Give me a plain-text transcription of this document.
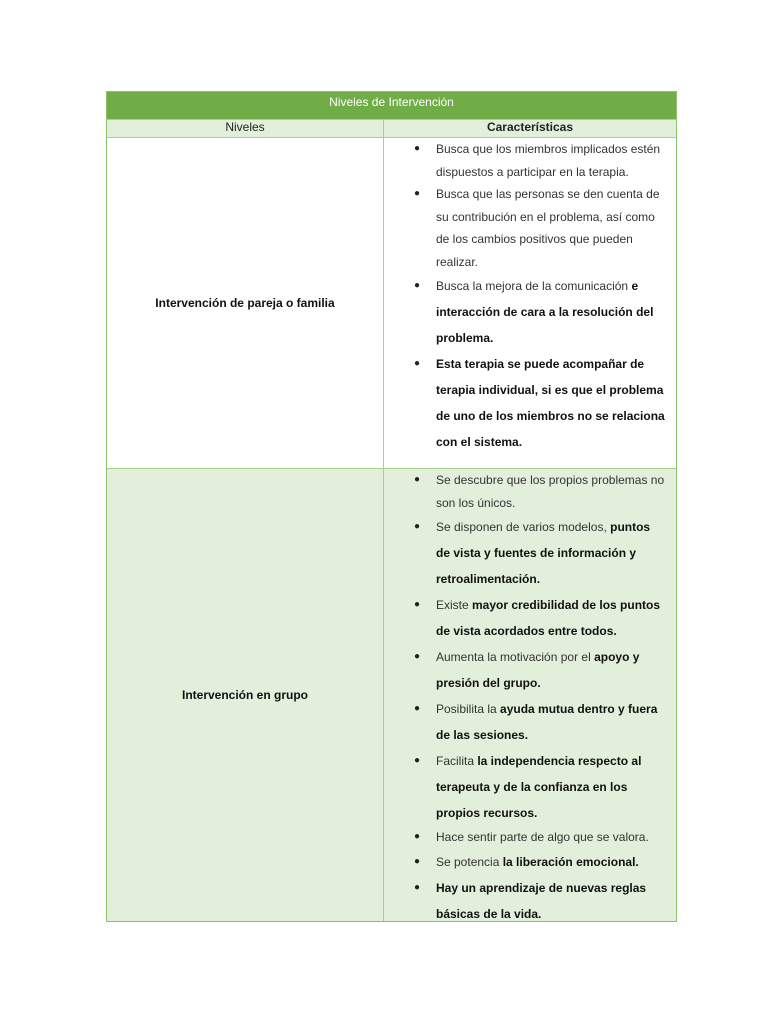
Niveles de Intervención
Niveles	Características
Intervención de pareja o familia
● Busca que los miembros implicados estén dispuestos a participar en la terapia.
● Busca que las personas se den cuenta de su contribución en el problema, así como de los cambios positivos que pueden realizar.
● Busca la mejora de la comunicación e interacción de cara a la resolución del problema.
● Esta terapia se puede acompañar de terapia individual, si es que el problema de uno de los miembros no se relaciona con el sistema.
Intervención en grupo
● Se descubre que los propios problemas no son los únicos.
● Se disponen de varios modelos, puntos de vista y fuentes de información y retroalimentación.
● Existe mayor credibilidad de los puntos de vista acordados entre todos.
● Aumenta la motivación por el apoyo y presión del grupo.
● Posibilita la ayuda mutua dentro y fuera de las sesiones.
● Facilita la independencia respecto al terapeuta y de la confianza en los propios recursos.
● Hace sentir parte de algo que se valora.
● Se potencia la liberación emocional.
● Hay un aprendizaje de nuevas reglas básicas de la vida.
